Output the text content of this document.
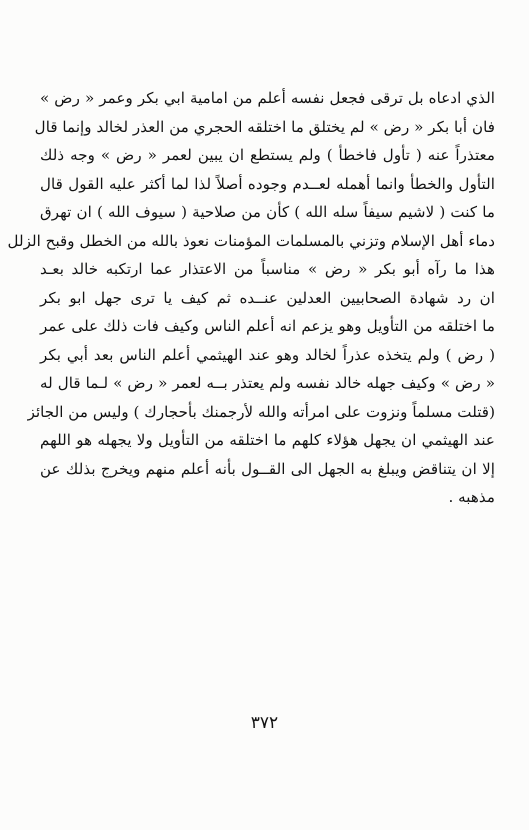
الذي ادعاه بل ترقى فجعل نفسه أعلم من امامية ابي بكر وعمر « رض »
فان أبا بكر « رض » لم يختلق ما اختلقه الحجري من العذر لخالد وإنما قال
معتذراً عنه ( تأول فاخطأ ) ولم يستطع ان يبين لعمر « رض » وجه ذلك
التأول والخطأ وانما أهمله لعــدم وجوده أصلاً لذا لما أكثر عليه القول قال
ما كنت ( لاشيم سيفاً سله الله ) كأن من صلاحية ( سيوف الله ) ان تهرق
دماء أهل الإسلام وتزني بالمسلمات المؤمنات نعوذ بالله من الخطل وقبح الزلل
هذا ما رآه أبو بكر « رض » مناسباً من الاعتذار عما ارتكبه خالد بعـد
ان رد شهادة الصحابيين العدلين عنــده ثم كيف يا ترى جهل ابو بكر
ما اختلقه من التأويل وهو يزعم انه أعلم الناس وكيف فات ذلك على عمر
( رض ) ولم يتخذه عذراً لخالد وهو عند الهيثمي أعلم الناس بعد أبي بكر
« رض » وكيف جهله خالد نفسه ولم يعتذر بــه لعمر « رض » لـما قال له
(قتلت مسلماً ونزوت على امرأته والله لأرجمنك بأحجارك ) وليس من الجائز
عند الهيثمي ان يجهل هؤلاء كلهم ما اختلقه من التأويل ولا يجهله هو اللهم
إلا ان يتناقض ويبلغ به الجهل الى القــول بأنه أعلم منهم ويخرج بذلك عن
مذهبه .
٣٧٢
